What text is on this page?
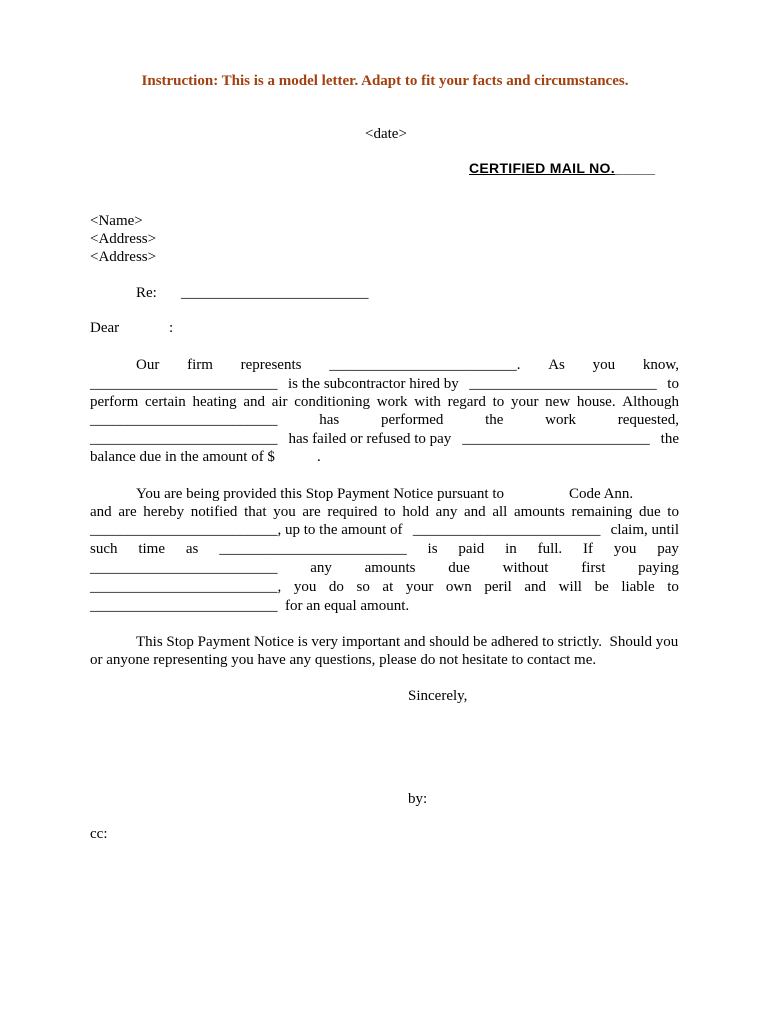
Instruction: This is a model letter. Adapt to fit your facts and circumstances.
<date>
CERTIFIED MAIL NO._____
<Name>
<Address>
<Address>
Re: _________________________
Dear	:
Our firm represents _________________________. As you know,
_________________________ is the subcontractor hired by _________________________ to
perform certain heating and air conditioning work with regard to your new house. Although
_________________________	has	performed	the	work	requested,
_________________________ has failed or refused to pay _________________________ the
balance due in the amount of $	.
You are being provided this Stop Payment Notice pursuant to	Code Ann.
and are hereby notified that you are required to hold any and all amounts remaining due to
_________________________, up to the amount of _________________________ claim, until
such time as _________________________ is paid in full. If you pay
_________________________ any amounts due without first paying
_________________________, you do so at your own peril and will be liable to
_________________________  for an equal amount.
This Stop Payment Notice is very important and should be adhered to strictly.  Should you
or anyone representing you have any questions, please do not hesitate to contact me.
Sincerely,
by:
cc:
